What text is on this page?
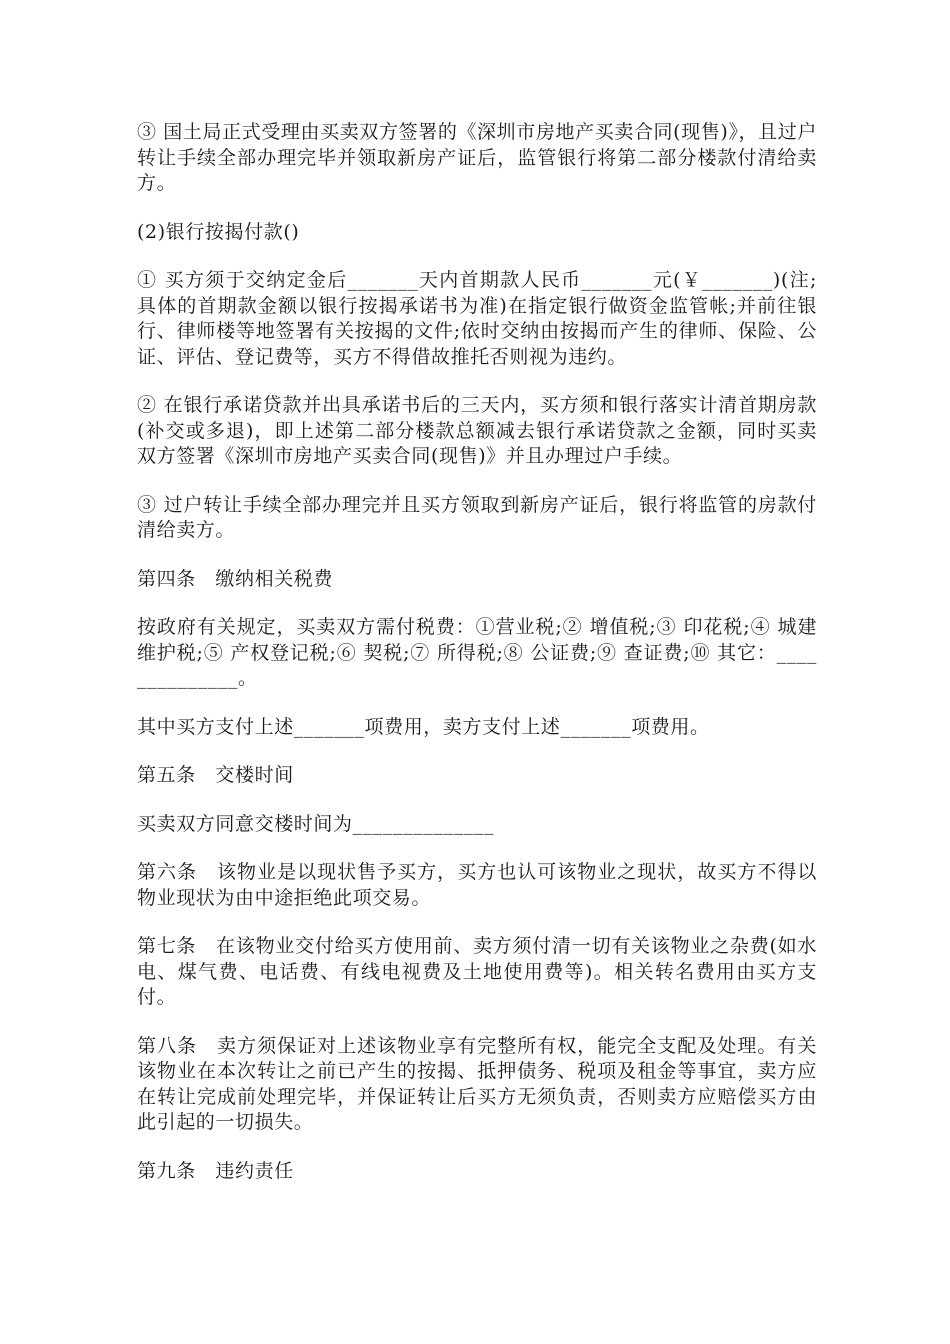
③ 国土局正式受理由买卖双方签署的《深圳市房地产买卖合同(现售)》，且过户转让手续全部办理完毕并领取新房产证后，监管银行将第二部分楼款付清给卖方。

(2)银行按揭付款()

① 买方须于交纳定金后_______天内首期款人民币_______元(￥_______)(注;具体的首期款金额以银行按揭承诺书为准)在指定银行做资金监管帐;并前往银行、律师楼等地签署有关按揭的文件;依时交纳由按揭而产生的律师、保险、公证、评估、登记费等，买方不得借故推托否则视为违约。

② 在银行承诺贷款并出具承诺书后的三天内，买方须和银行落实计清首期房款(补交或多退)，即上述第二部分楼款总额减去银行承诺贷款之金额，同时买卖双方签署《深圳市房地产买卖合同(现售)》并且办理过户手续。

③ 过户转让手续全部办理完并且买方领取到新房产证后，银行将监管的房款付清给卖方。

第四条　缴纳相关税费

按政府有关规定，买卖双方需付税费：①营业税;② 增值税;③ 印花税;④ 城建维护税;⑤ 产权登记税;⑥ 契税;⑦ 所得税;⑧ 公证费;⑨ 查证费;⑩ 其它：______________。

其中买方支付上述_______项费用，卖方支付上述_______项费用。

第五条　交楼时间

买卖双方同意交楼时间为______________

第六条　该物业是以现状售予买方，买方也认可该物业之现状，故买方不得以物业现状为由中途拒绝此项交易。

第七条　在该物业交付给买方使用前、卖方须付清一切有关该物业之杂费(如水电、煤气费、电话费、有线电视费及土地使用费等)。相关转名费用由买方支付。

第八条　卖方须保证对上述该物业享有完整所有权，能完全支配及处理。有关该物业在本次转让之前已产生的按揭、抵押债务、税项及租金等事宜，卖方应在转让完成前处理完毕，并保证转让后买方无须负责，否则卖方应赔偿买方由此引起的一切损失。

第九条　违约责任
